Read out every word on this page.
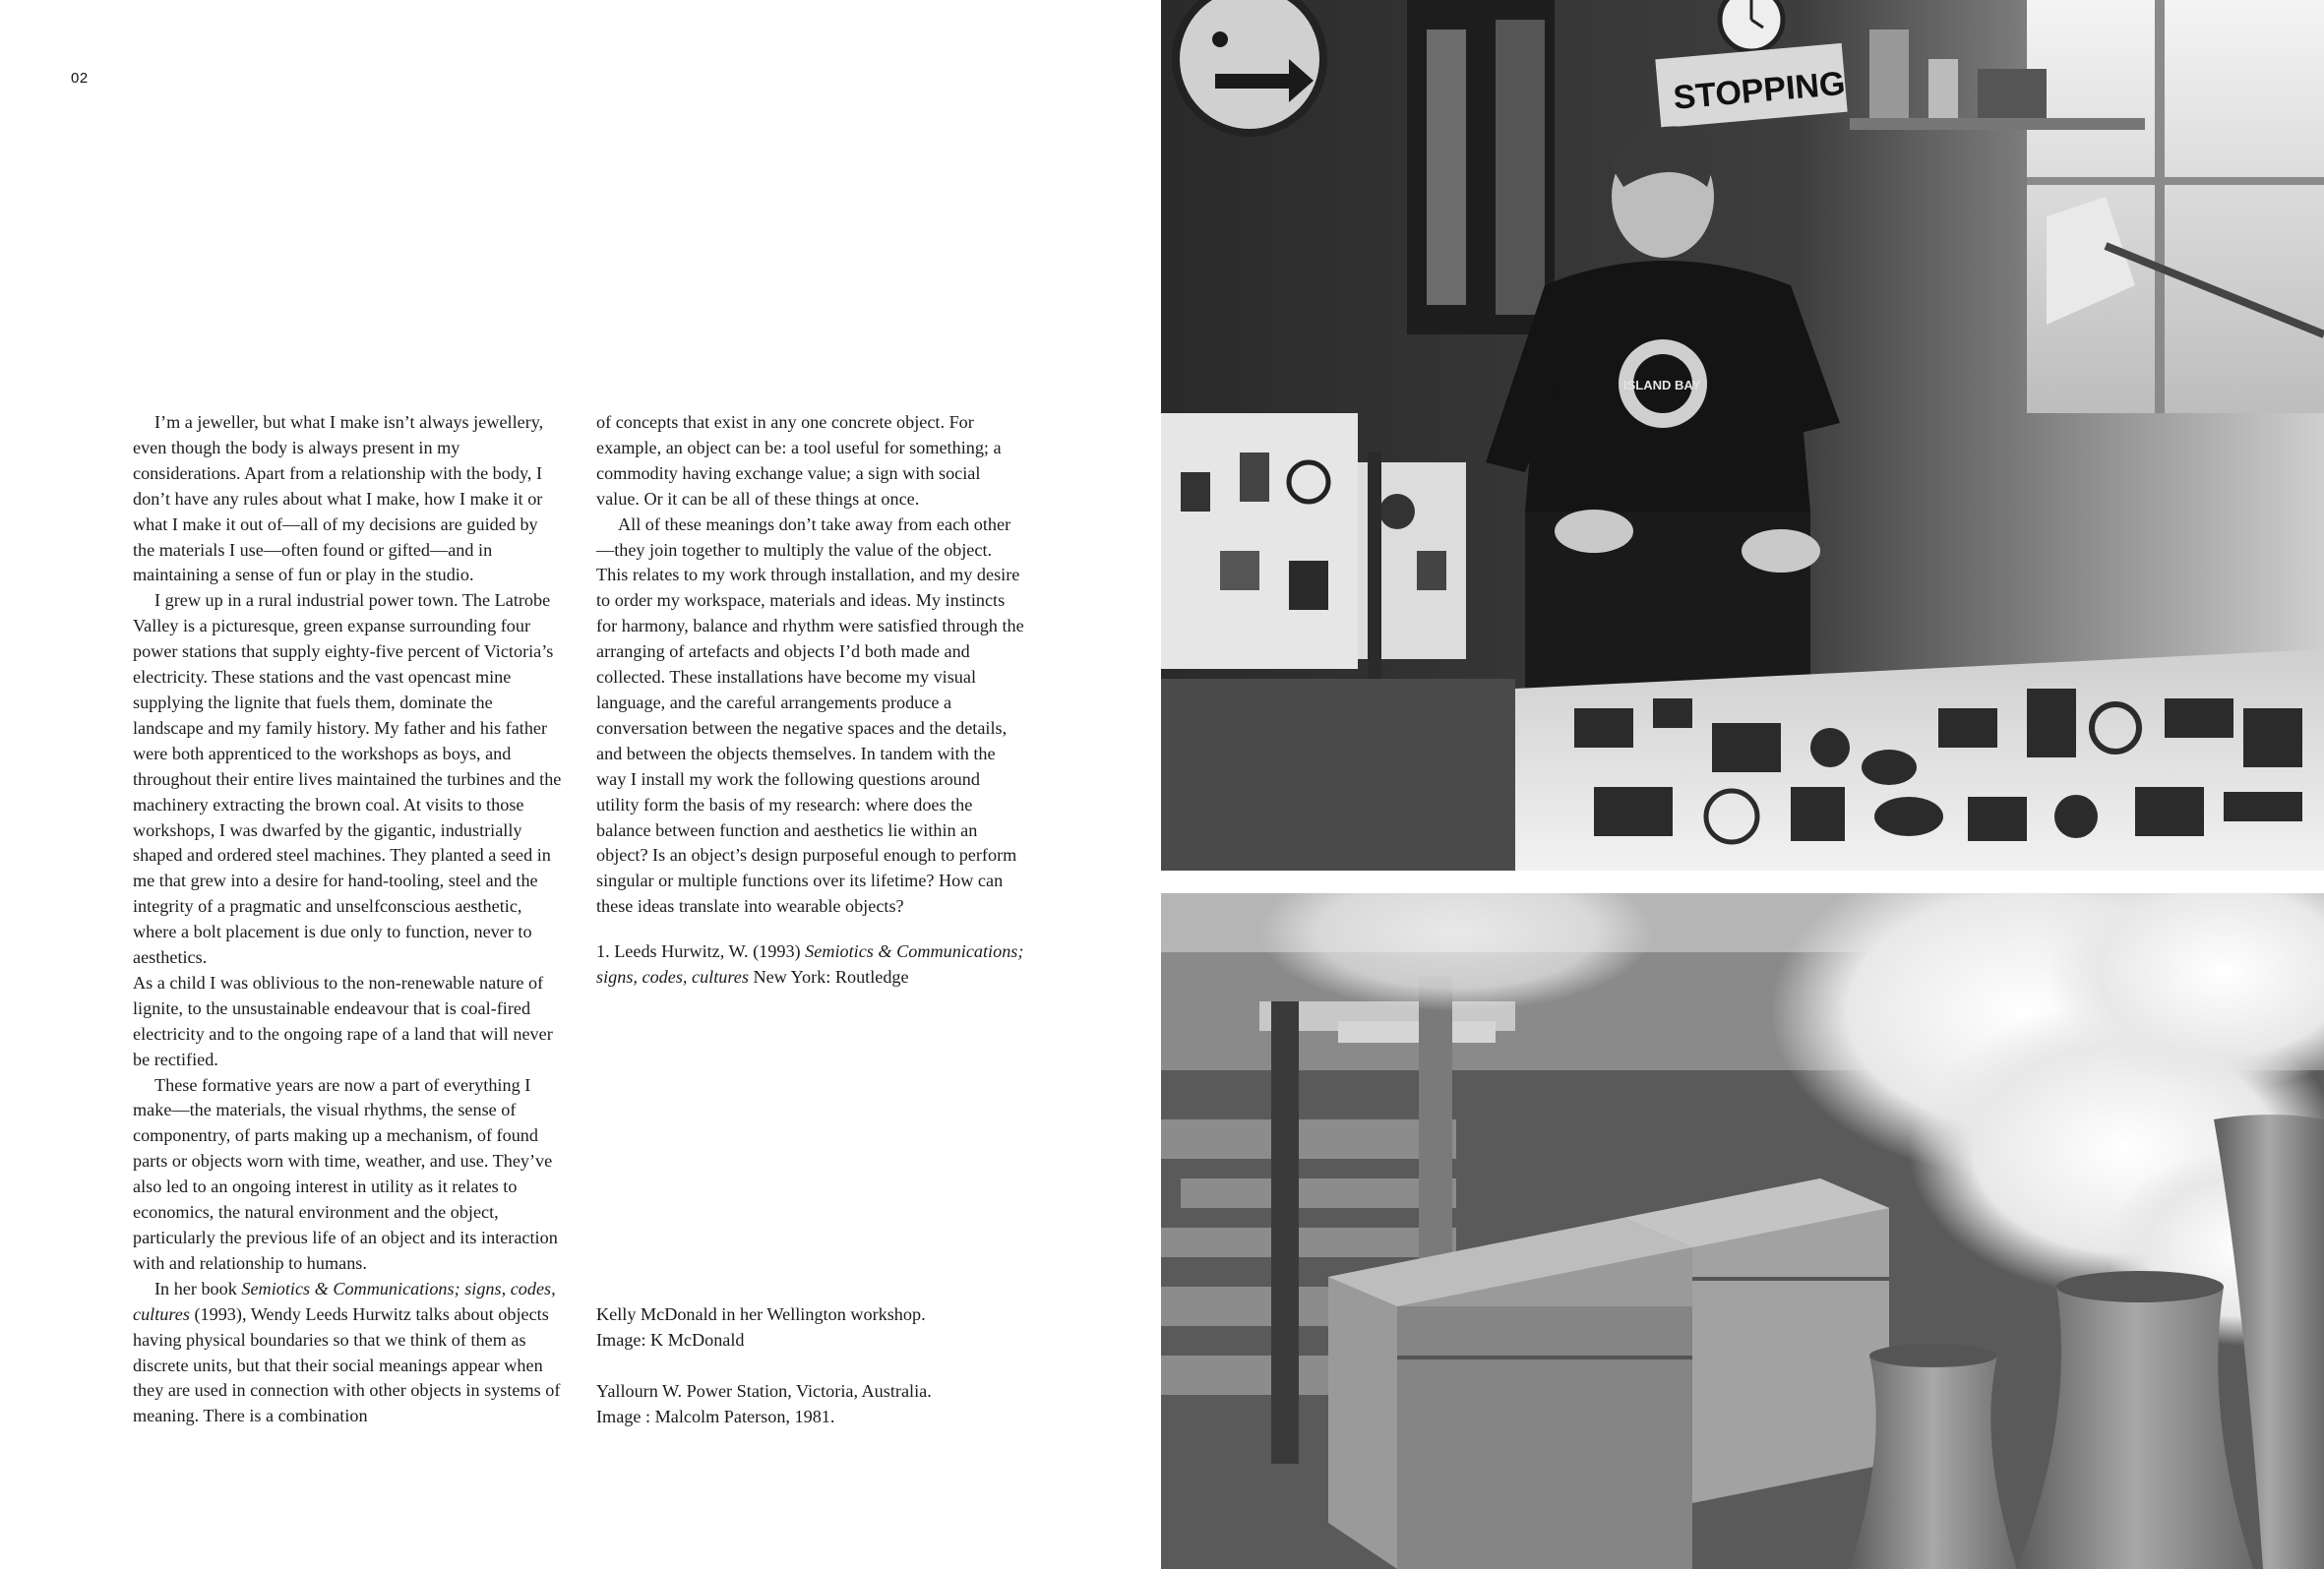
02

I’m a jeweller, but what I make isn’t always jewellery, even though the body is always present in my considerations. Apart from a relationship with the body, I don’t have any rules about what I make, how I make it or what I make it out of—all of my decisions are guided by the materials I use—often found or gifted—and in maintaining a sense of fun or play in the studio.

I grew up in a rural industrial power town. The Latrobe Valley is a picturesque, green expanse surrounding four power stations that supply eighty-five percent of Victoria’s electricity. These stations and the vast opencast mine supplying the lignite that fuels them, dominate the landscape and my family history. My father and his father were both apprenticed to the workshops as boys, and throughout their entire lives maintained the turbines and the machinery extracting the brown coal. At visits to those workshops, I was dwarfed by the gigantic, industrially shaped and ordered steel machines. They planted a seed in me that grew into a desire for hand-tooling, steel and the integrity of a pragmatic and unselfconscious aesthetic, where a bolt placement is due only to function, never to aesthetics.

As a child I was oblivious to the non-renewable nature of lignite, to the unsustainable endeavour that is coal-fired electricity and to the ongoing rape of a land that will never be rectified.

These formative years are now a part of everything I make—the materials, the visual rhythms, the sense of componentry, of parts making up a mechanism, of found parts or objects worn with time, weather, and use. They’ve also led to an ongoing interest in utility as it relates to economics, the natural environment and the object, particularly the previous life of an object and its interaction with and relationship to humans.

In her book Semiotics & Communications; signs, codes, cultures (1993), Wendy Leeds Hurwitz talks about objects having physical boundaries so that we think of them as discrete units, but that their social meanings appear when they are used in connection with other objects in systems of meaning. There is a combination

of concepts that exist in any one concrete object. For example, an object can be: a tool useful for something; a commodity having exchange value; a sign with social value. Or it can be all of these things at once.

All of these meanings don’t take away from each other—they join together to multiply the value of the object. This relates to my work through installation, and my desire to order my workspace, materials and ideas. My instincts for harmony, balance and rhythm were satisfied through the arranging of artefacts and objects I’d both made and collected. These installations have become my visual language, and the careful arrangements produce a conversation between the negative spaces and the details, and between the objects themselves. In tandem with the way I install my work the following questions around utility form the basis of my research: where does the balance between function and aesthetics lie within an object? Is an object’s design purposeful enough to perform singular or multiple functions over its lifetime? How can these ideas translate into wearable objects?

1. Leeds Hurwitz, W. (1993) Semiotics & Communications; signs, codes, cultures New York: Routledge

Kelly McDonald in her Wellington workshop.
Image: K McDonald

Yallourn W. Power Station, Victoria, Australia.
Image : Malcolm Paterson, 1981.

STOPPING
ISLAND BAY
